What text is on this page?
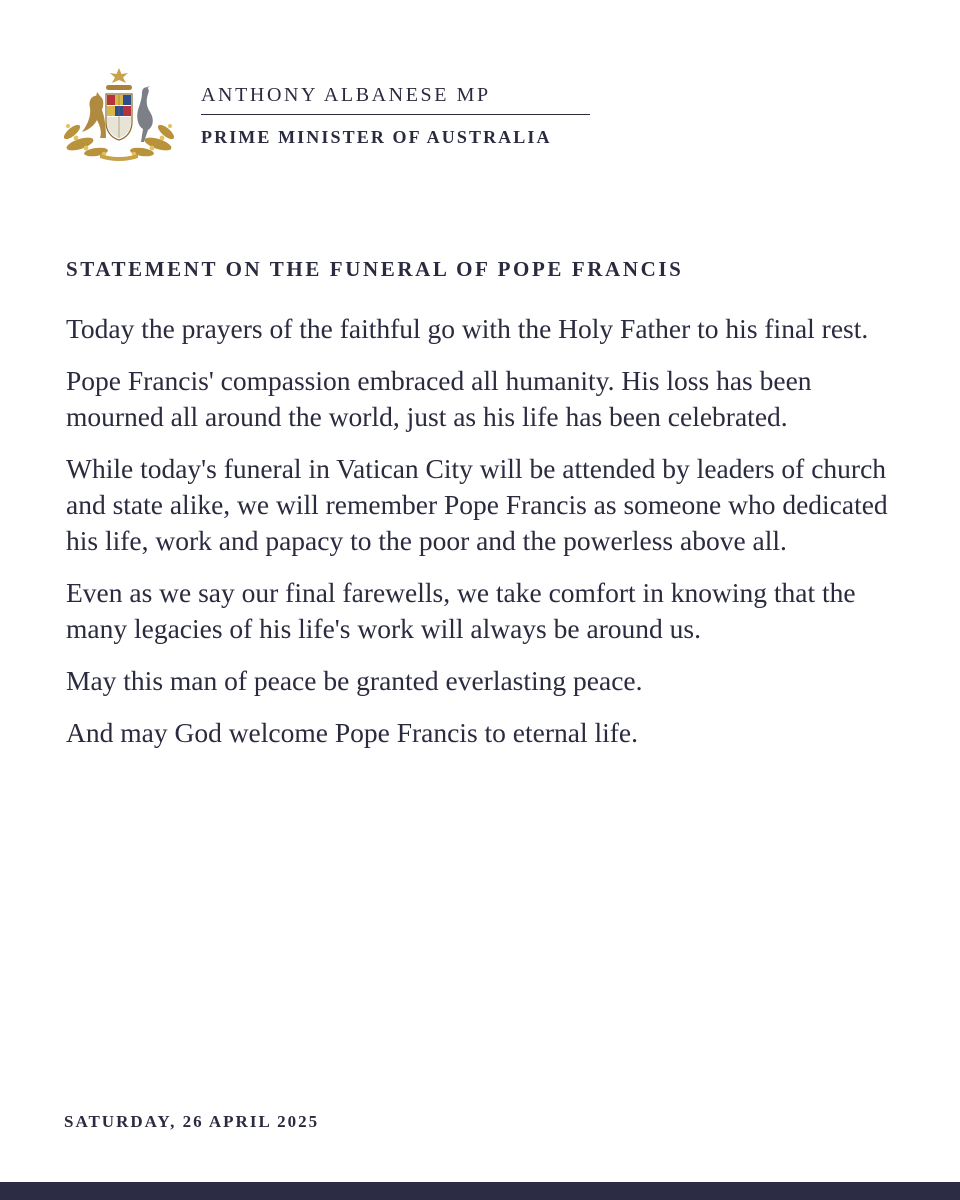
ANTHONY ALBANESE MP
PRIME MINISTER OF AUSTRALIA
STATEMENT ON THE FUNERAL OF POPE FRANCIS

Today the prayers of the faithful go with the Holy Father to his final rest.

Pope Francis' compassion embraced all humanity. His loss has been mourned all around the world, just as his life has been celebrated.

While today's funeral in Vatican City will be attended by leaders of church and state alike, we will remember Pope Francis as someone who dedicated his life, work and papacy to the poor and the powerless above all.

Even as we say our final farewells, we take comfort in knowing that the many legacies of his life's work will always be around us.

May this man of peace be granted everlasting peace.

And may God welcome Pope Francis to eternal life.

SATURDAY, 26 APRIL 2025
